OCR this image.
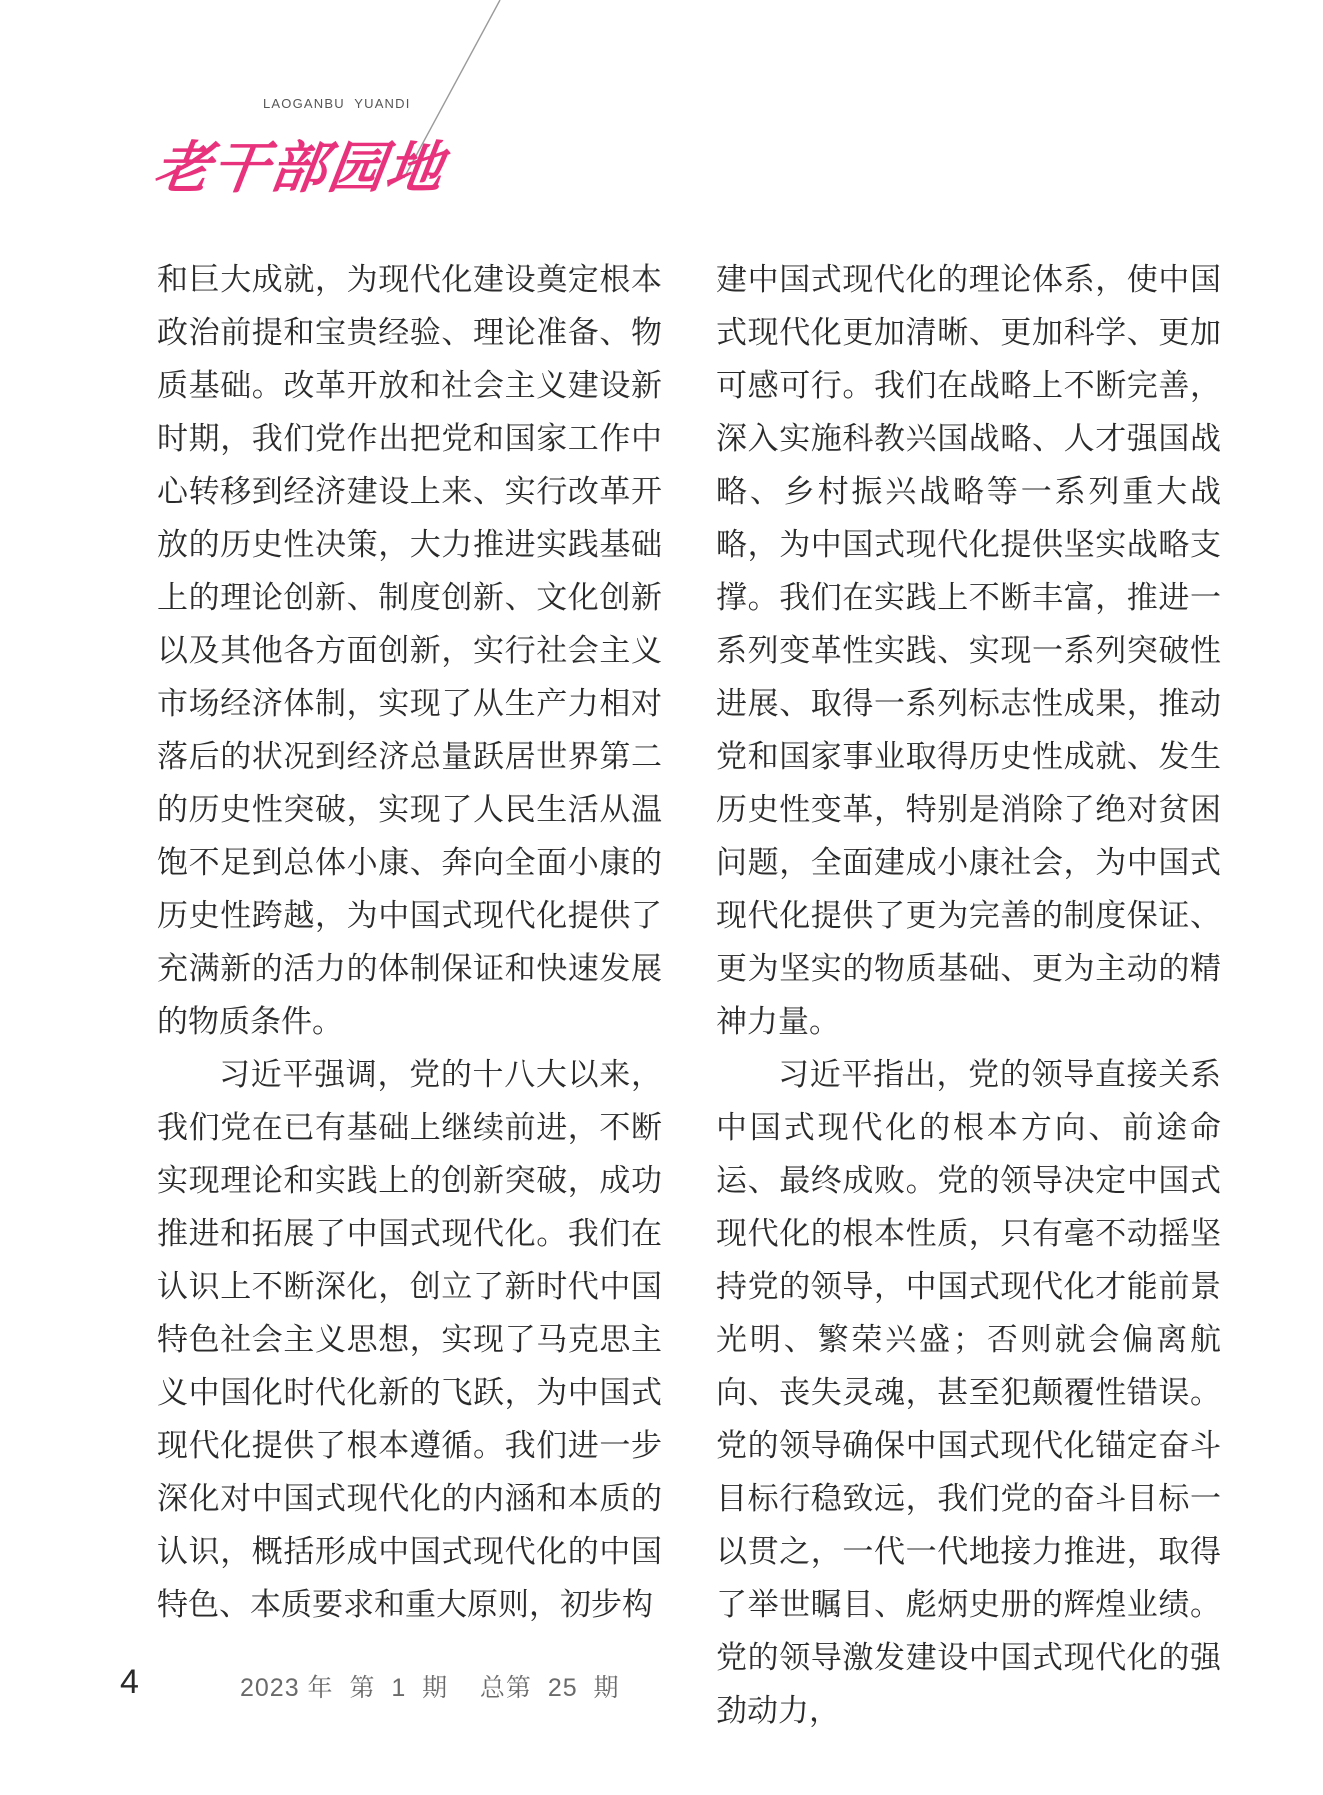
LAOGANBU  YUANDI
老干部园地

和巨大成就，为现代化建设奠定根本政治前提和宝贵经验、理论准备、物质基础。改革开放和社会主义建设新时期，我们党作出把党和国家工作中心转移到经济建设上来、实行改革开放的历史性决策，大力推进实践基础上的理论创新、制度创新、文化创新以及其他各方面创新，实行社会主义市场经济体制，实现了从生产力相对落后的状况到经济总量跃居世界第二的历史性突破，实现了人民生活从温饱不足到总体小康、奔向全面小康的历史性跨越，为中国式现代化提供了充满新的活力的体制保证和快速发展的物质条件。

习近平强调，党的十八大以来，我们党在已有基础上继续前进，不断实现理论和实践上的创新突破，成功推进和拓展了中国式现代化。我们在认识上不断深化，创立了新时代中国特色社会主义思想，实现了马克思主义中国化时代化新的飞跃，为中国式现代化提供了根本遵循。我们进一步深化对中国式现代化的内涵和本质的认识，概括形成中国式现代化的中国特色、本质要求和重大原则，初步构

建中国式现代化的理论体系，使中国式现代化更加清晰、更加科学、更加可感可行。我们在战略上不断完善，深入实施科教兴国战略、人才强国战略、乡村振兴战略等一系列重大战略，为中国式现代化提供坚实战略支撑。我们在实践上不断丰富，推进一系列变革性实践、实现一系列突破性进展、取得一系列标志性成果，推动党和国家事业取得历史性成就、发生历史性变革，特别是消除了绝对贫困问题，全面建成小康社会，为中国式现代化提供了更为完善的制度保证、更为坚实的物质基础、更为主动的精神力量。

习近平指出，党的领导直接关系中国式现代化的根本方向、前途命运、最终成败。党的领导决定中国式现代化的根本性质，只有毫不动摇坚持党的领导，中国式现代化才能前景光明、繁荣兴盛；否则就会偏离航向、丧失灵魂，甚至犯颠覆性错误。党的领导确保中国式现代化锚定奋斗目标行稳致远，我们党的奋斗目标一以贯之，一代一代地接力推进，取得了举世瞩目、彪炳史册的辉煌业绩。党的领导激发建设中国式现代化的强劲动力，

4	2023 年  第  1  期    总第  25  期
